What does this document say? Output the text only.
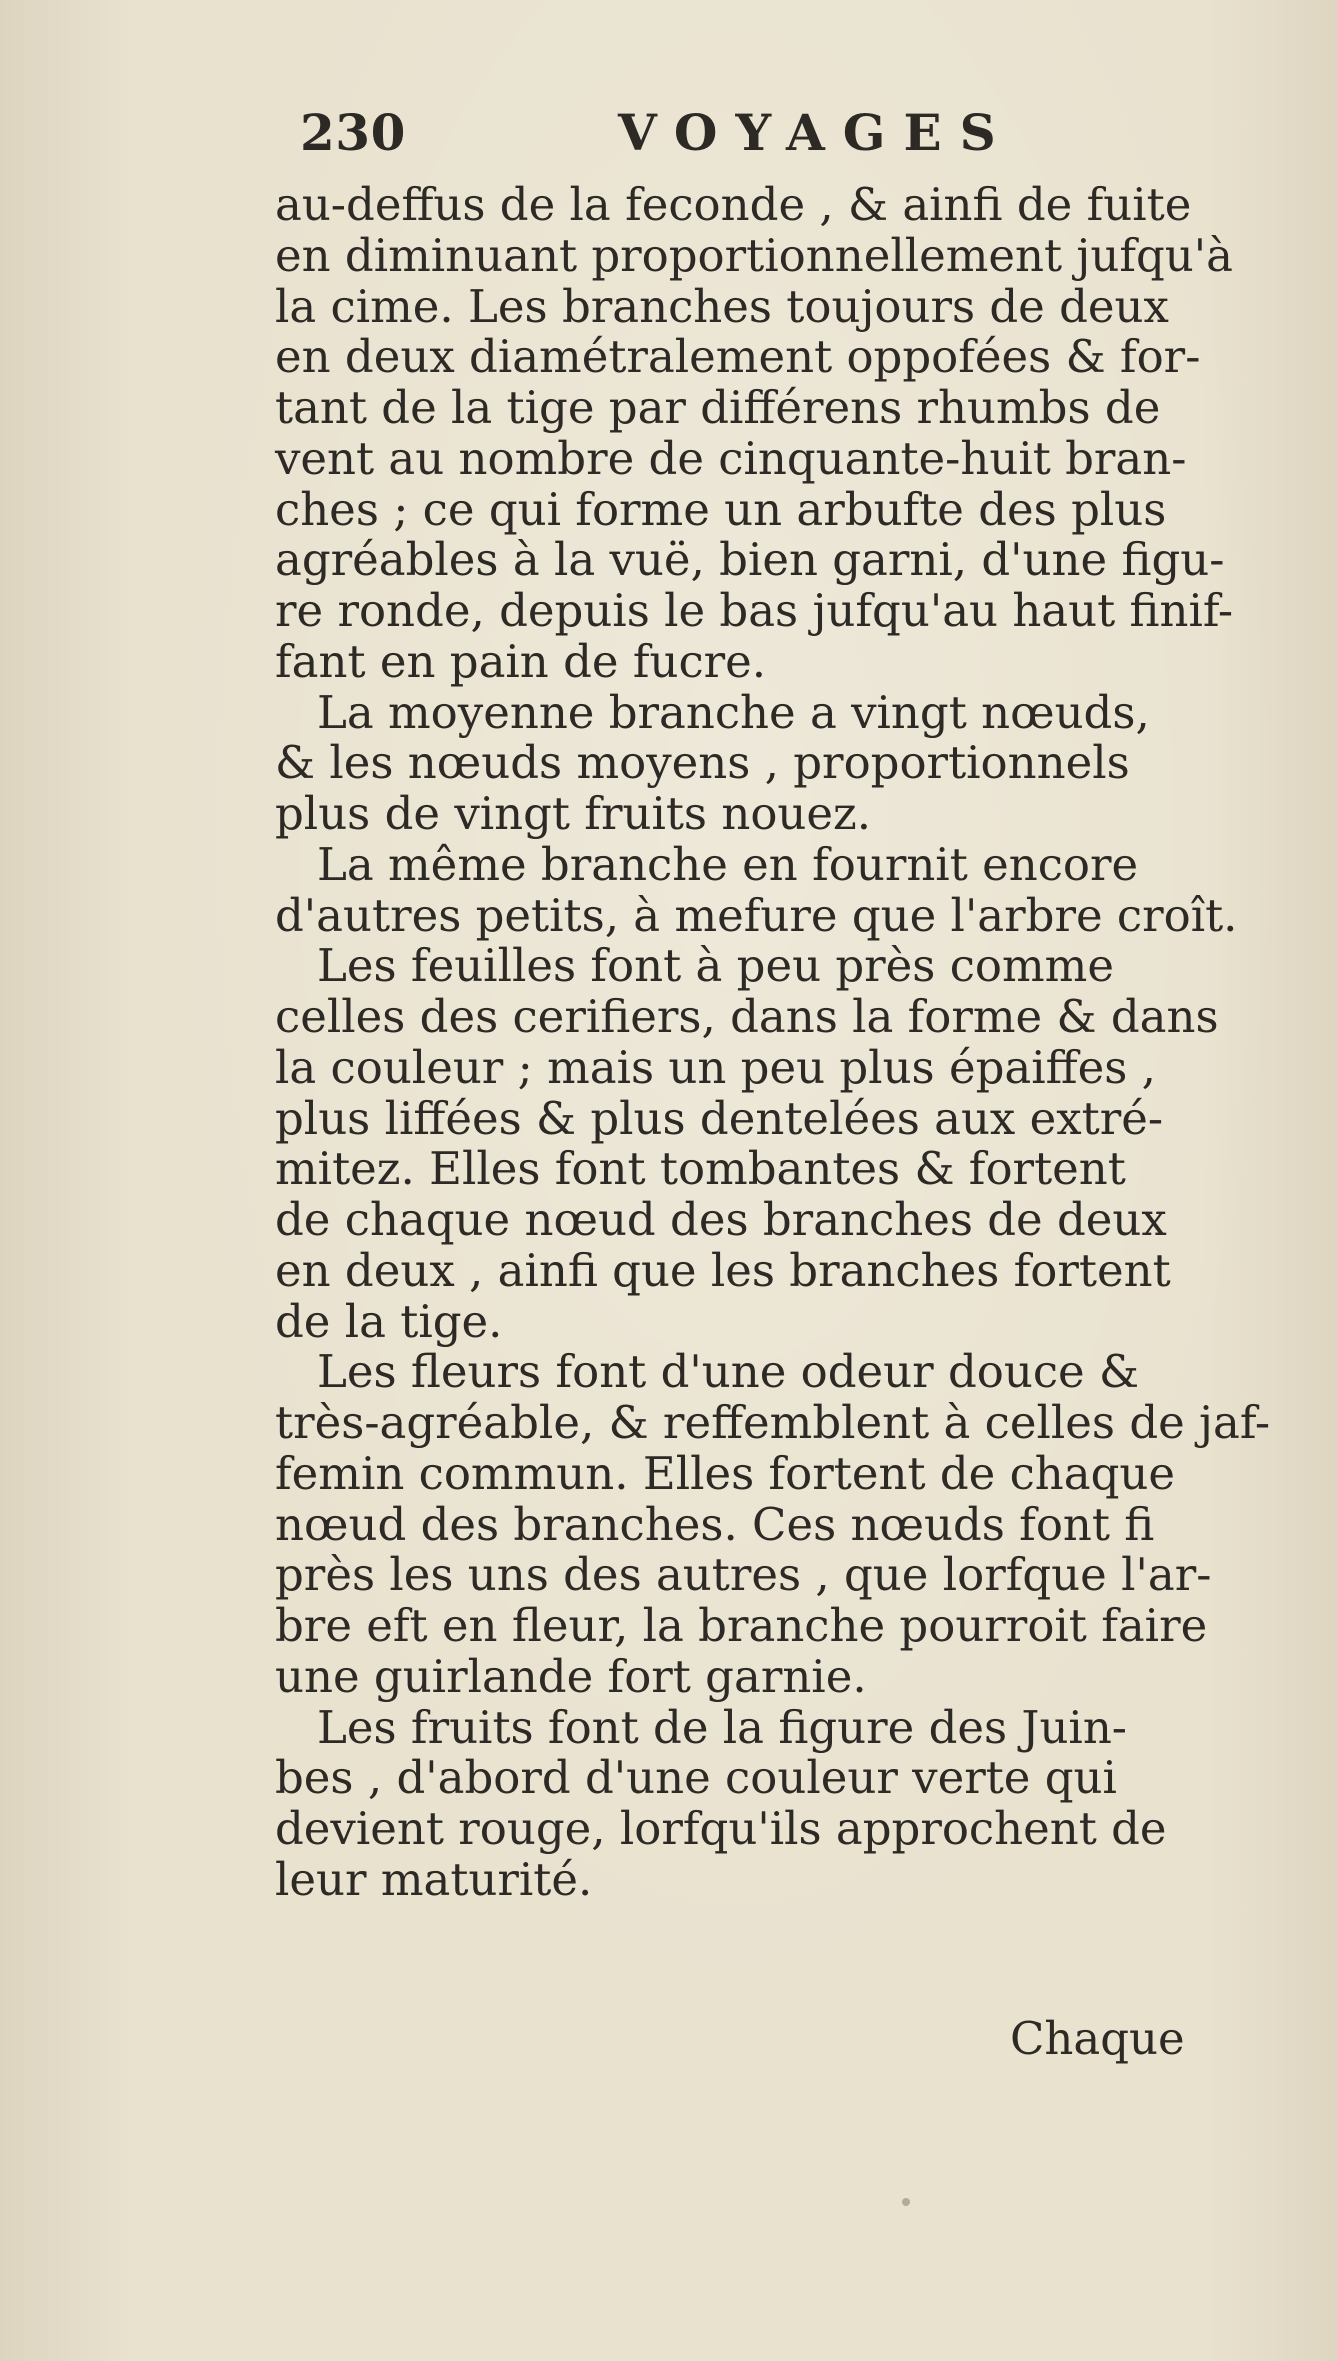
230	VOYAGES
au-deffus de la feconde , & ainfi de fuite
en diminuant proportionnellement jufqu'à
la cime. Les branches toujours de deux
en deux diamétralement oppofées & for-
tant de la tige par différens rhumbs de
vent au nombre de cinquante-huit bran-
ches ; ce qui forme un arbufte des plus
agréables à la vuë, bien garni, d'une figu-
re ronde, depuis le bas jufqu'au haut finif-
fant en pain de fucre.
La moyenne branche a vingt nœuds,
& les nœuds moyens , proportionnels
plus de vingt fruits nouez.
La même branche en fournit encore
d'autres petits, à mefure que l'arbre croît.
Les feuilles font à peu près comme
celles des cerifiers, dans la forme & dans
la couleur ; mais un peu plus épaiffes ,
plus liffées & plus dentelées aux extré-
mitez. Elles font tombantes & fortent
de chaque nœud des branches de deux
en deux , ainfi que les branches fortent
de la tige.
Les fleurs font d'une odeur douce &
très-agréable, & reffemblent à celles de jaf-
femin commun. Elles fortent de chaque
nœud des branches. Ces nœuds font fi
près les uns des autres , que lorfque l'ar-
bre eft en fleur, la branche pourroit faire
une guirlande fort garnie.
Les fruits font de la figure des Juin-
bes , d'abord d'une couleur verte qui
devient rouge, lorfqu'ils approchent de
leur maturité.
Chaque
